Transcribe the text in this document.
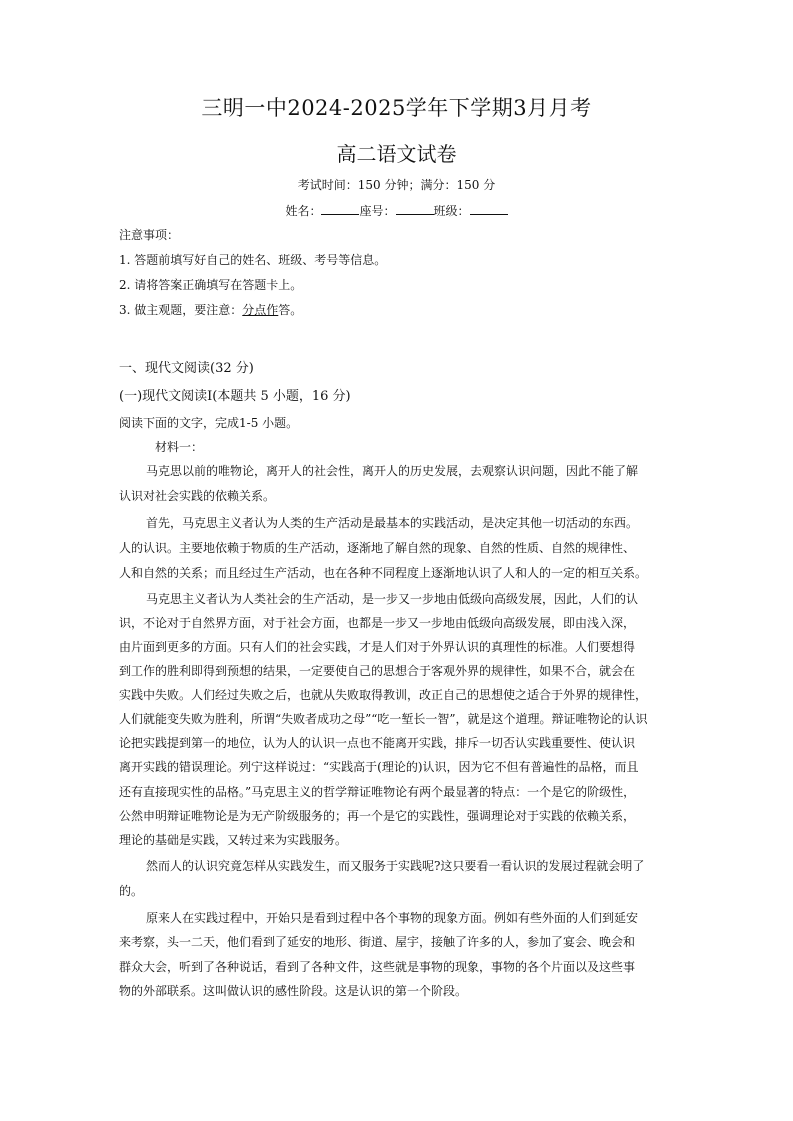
三明一中2024-2025学年下学期3月月考
高二语文试卷
考试时间：150 分钟；满分：150 分
姓名：	座号：	班级：
注意事项：
1. 答题前填写好自己的姓名、班级、考号等信息。
2. 请将答案正确填写在答题卡上。
3. 做主观题，要注意：分点作答。
一、现代文阅读(32 分)
(一)现代文阅读Ⅰ(本题共 5 小题，16 分)
阅读下面的文字，完成1-5 小题。
材料一：
马克思以前的唯物论，离开人的社会性，离开人的历史发展，去观察认识问题，因此不能了解
认识对社会实践的依赖关系。
首先，马克思主义者认为人类的生产活动是最基本的实践活动，是决定其他一切活动的东西。
人的认识。主要地依赖于物质的生产活动，逐渐地了解自然的现象、自然的性质、自然的规律性、
人和自然的关系；而且经过生产活动，也在各种不同程度上逐渐地认识了人和人的一定的相互关系。
马克思主义者认为人类社会的生产活动，是一步又一步地由低级向高级发展，因此，人们的认
识，不论对于自然界方面，对于社会方面，也都是一步又一步地由低级向高级发展，即由浅入深，
由片面到更多的方面。只有人们的社会实践，才是人们对于外界认识的真理性的标准。人们要想得
到工作的胜利即得到预想的结果，一定要使自己的思想合于客观外界的规律性，如果不合，就会在
实践中失败。人们经过失败之后，也就从失败取得教训，改正自己的思想使之适合于外界的规律性，
人们就能变失败为胜利，所谓“失败者成功之母”“吃一堑长一智”，就是这个道理。辩证唯物论的认识
论把实践提到第一的地位，认为人的认识一点也不能离开实践，排斥一切否认实践重要性、使认识
离开实践的错误理论。列宁这样说过：“实践高于(理论的)认识，因为它不但有普遍性的品格，而且
还有直接现实性的品格。”马克思主义的哲学辩证唯物论有两个最显著的特点：一个是它的阶级性，
公然申明辩证唯物论是为无产阶级服务的；再一个是它的实践性，强调理论对于实践的依赖关系，
理论的基础是实践，又转过来为实践服务。
然而人的认识究竟怎样从实践发生，而又服务于实践呢?这只要看一看认识的发展过程就会明了
的。
原来人在实践过程中，开始只是看到过程中各个事物的现象方面。例如有些外面的人们到延安
来考察，头一二天，他们看到了延安的地形、街道、屋宇，接触了许多的人，参加了宴会、晚会和
群众大会，听到了各种说话，看到了各种文件，这些就是事物的现象，事物的各个片面以及这些事
物的外部联系。这叫做认识的感性阶段。这是认识的第一个阶段。
